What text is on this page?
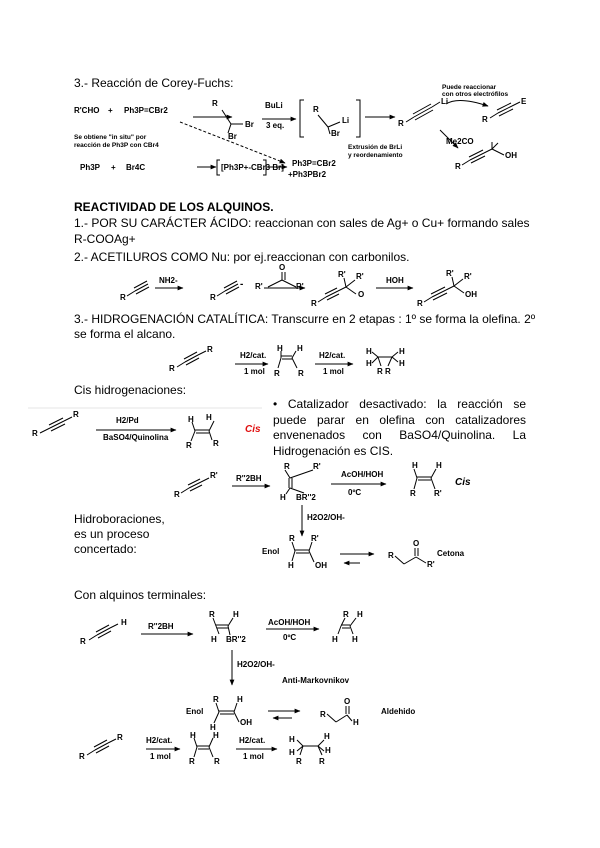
3.- Reacción de Corey-Fuchs:
REACTIVIDAD DE LOS ALQUINOS.
1.- POR SU CARÁCTER ÁCIDO: reaccionan con sales de Ag+ o Cu+ formando sales
R-COOAg+
2.- ACETILUROS COMO Nu: por ej.reaccionan con carbonilos.
3.- HIDROGENACIÓN CATALÍTICA: Transcurre en 2 etapas : 1º se forma la olefina. 2º
se forma el alcano.
Cis hidrogenaciones:
• Catalizador desactivado: la reacción se puede parar en olefina con catalizadores envenenados con BaSO4/Quinolina. La Hidrogenación es CIS.
Hidroboraciones,
es un proceso
concertado:
Con alquinos terminales:
R'CHO + Ph3P=CBr2
R
Br
Br
BuLi
3 eq.
R
Li
Br
R
Li
Puede reaccionar
con otros electrófilos
R
E
Me2CO
R
OH
Se obtiene "in situ" por
reacción de Ph3P con CBr4
Ph3P + Br4C	[Ph3P+-CBr3 Br] Ph3P=CBr2
+Ph3PBr2
Extrusión de BrLi
y reordenamiento
R
NH2-
R
- R'
O
R'
R
R' R'
O
HOH
R
R' R'
OH
R
R
H2/cat.
1 mol
H H
R R
H2/cat.
1 mol
H
H
H
H
R R
R
R
H2/Pd
BaSO4/Quinolina
H H
R	R
Cis
R
R' R''2BH
R	R'
H BR''2
AcOH/HOH
0ºC
H H
R R'
Cis
H2O2/OH-
Enol
R R'
H	OH
R
O
R'
Cetona
R
H	R''2BH
R H
H BR''2
AcOH/HOH
0ºC
R H
H H
H2O2/OH-
Anti-Markovnikov
Enol
R H
H
OH
R
O
H
Aldehido
R
R	H2/cat.
1 mol
H H
R R
H2/cat.
1 mol
H
H
H
H
R R
